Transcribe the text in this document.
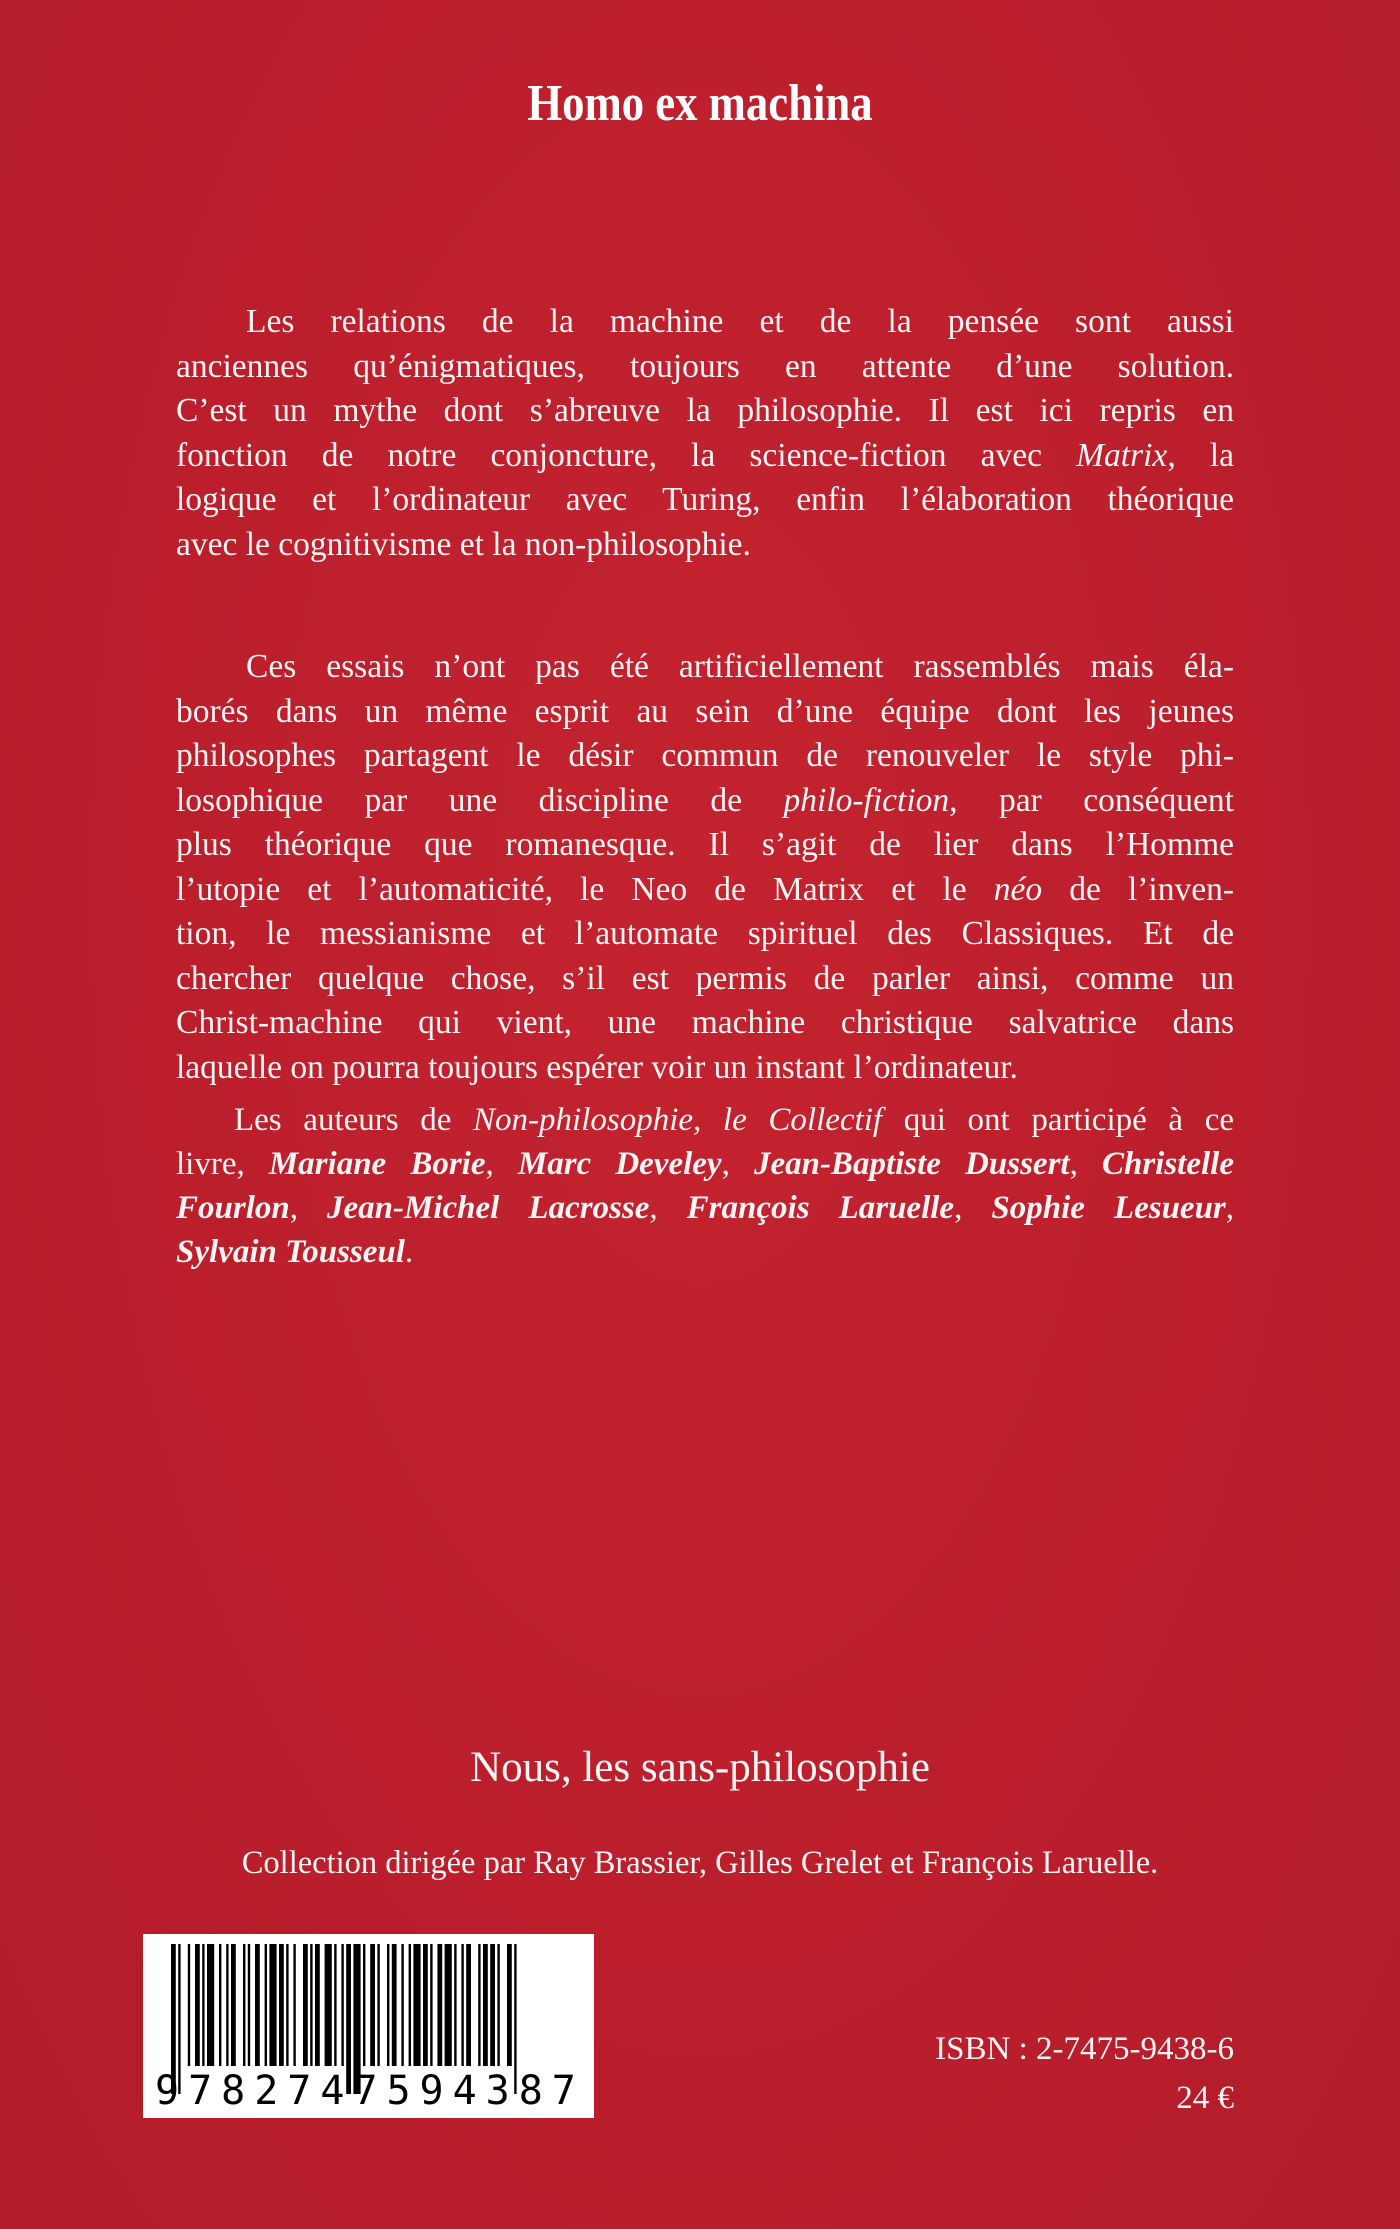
Homo ex machina

Les relations de la machine et de la pensée sont aussi
anciennes qu’énigmatiques, toujours en attente d’une solution.
C’est un mythe dont s’abreuve la philosophie. Il est ici repris en
fonction de notre conjoncture, la science-fiction avec Matrix, la
logique et l’ordinateur avec Turing, enfin l’élaboration théorique
avec le cognitivisme et la non-philosophie.

Ces essais n’ont pas été artificiellement rassemblés mais éla-
borés dans un même esprit au sein d’une équipe dont les jeunes
philosophes partagent le désir commun de renouveler le style phi-
losophique par une discipline de philo-fiction, par conséquent
plus théorique que romanesque. Il s’agit de lier dans l’Homme
l’utopie et l’automaticité, le Neo de Matrix et le néo de l’inven-
tion, le messianisme et l’automate spirituel des Classiques. Et de
chercher quelque chose, s’il est permis de parler ainsi, comme un
Christ-machine qui vient, une machine christique salvatrice dans
laquelle on pourra toujours espérer voir un instant l’ordinateur.

Les auteurs de Non-philosophie, le Collectif qui ont participé à ce
livre, Mariane Borie, Marc Develey, Jean-Baptiste Dussert, Christelle
Fourlon, Jean-Michel Lacrosse, François Laruelle, Sophie Lesueur,
Sylvain Tousseul.

Nous, les sans-philosophie

Collection dirigée par Ray Brassier, Gilles Grelet et François Laruelle.

9 7 8 2 7 4 7 5 9 4 3 8 7

ISBN : 2-7475-9438-6

24 €
